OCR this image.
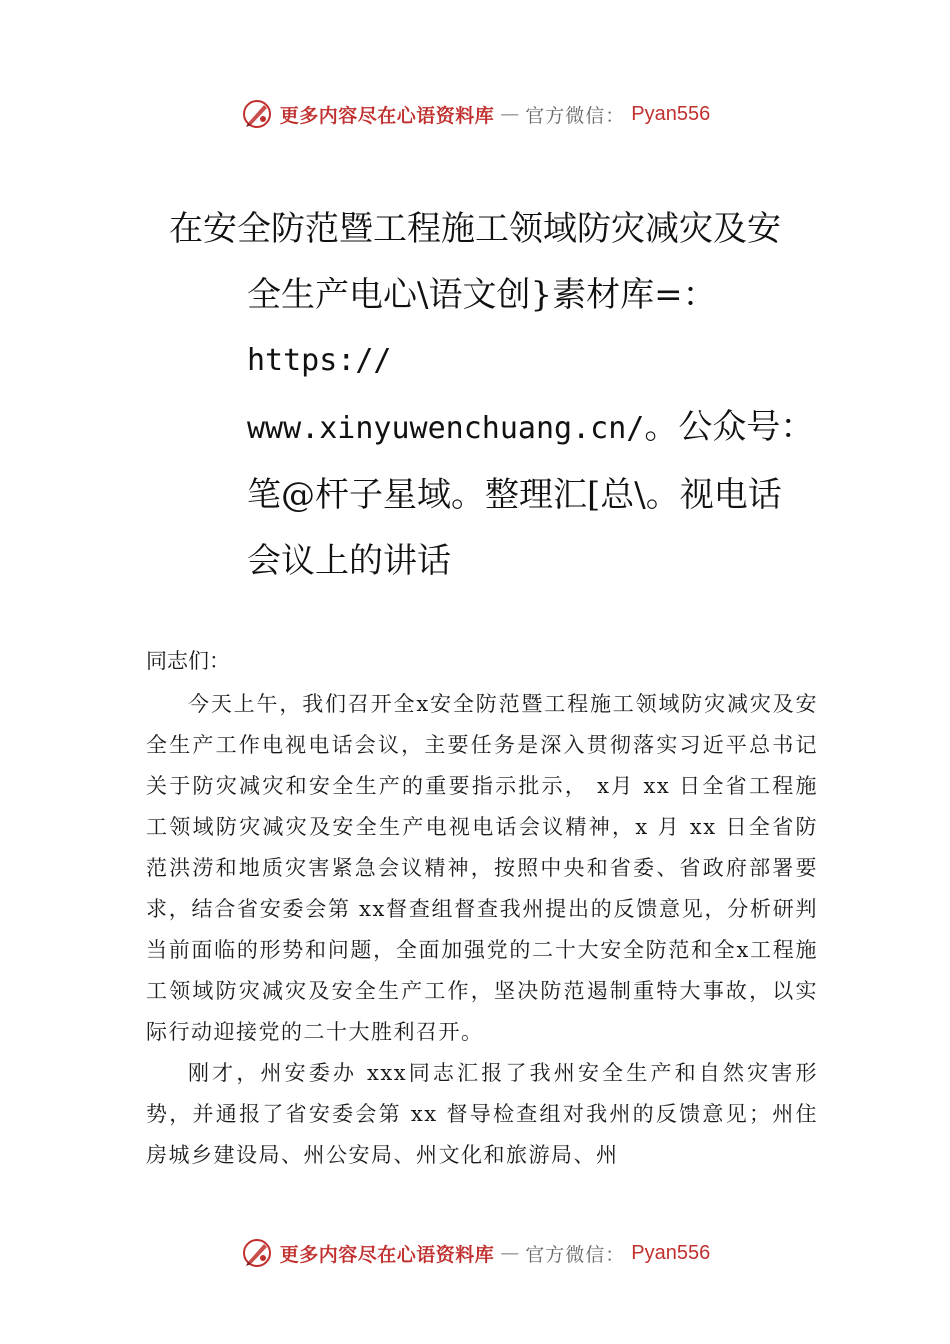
更多内容尽在心语资料库 — 官方微信： Pyan556
在安全防范暨工程施工领域防灾减灾及安
全生产电心\语文创}素材库=：
https://
www.xinyuwenchuang.cn/。公众号：
笔@杆子星域。整理汇[总\。视电话
会议上的讲话
同志们：

今天上午，我们召开全x安全防范暨工程施工领域防灾减灾及安全生产工作电视电话会议，主要任务是深入贯彻落实习近平总书记关于防灾减灾和安全生产的重要指示批示， x月 xx 日全省工程施工领域防灾减灾及安全生产电视电话会议精神，x 月 xx 日全省防范洪涝和地质灾害紧急会议精神，按照中央和省委、省政府部署要求，结合省安委会第 xx督查组督查我州提出的反馈意见，分析研判当前面临的形势和问题，全面加强党的二十大安全防范和全x工程施工领域防灾减灾及安全生产工作，坚决防范遏制重特大事故，以实际行动迎接党的二十大胜利召开。

刚才，州安委办 xxx同志汇报了我州安全生产和自然灾害形势，并通报了省安委会第 xx 督导检查组对我州的反馈意见；州住房城乡建设局、州公安局、州文化和旅游局、州

更多内容尽在心语资料库 — 官方微信： Pyan556
